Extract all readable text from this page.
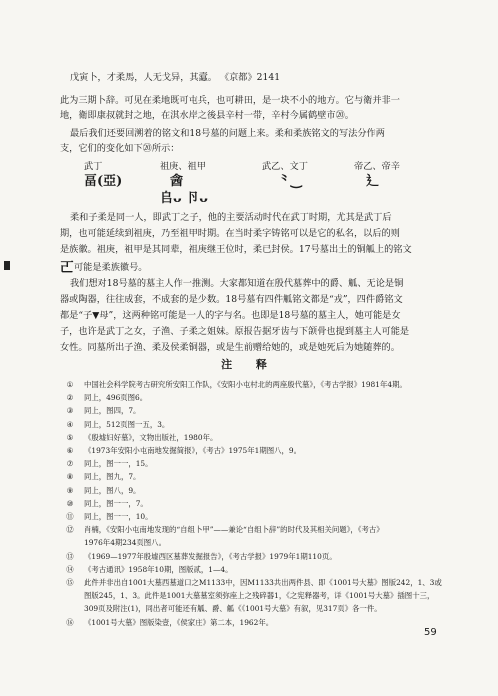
戊寅卜，才柔馬，人无戈异，其蠧。 《京都》2141
此为三期卜辞。可见在柔地既可屯兵，也可耕田，是一块不小的地方。它与衛并非一
地，衛即康叔就封之地，在淇水岸之後县辛村一带，辛村今属鹤壁市⑳。
最后我们还要回溯着的铭文和18号墓的问题上来。柔和柔族铭文的写法分作两
支，它们的变化如下⑳所示：
武丁
畐(亞)
祖庚、祖甲
酓
𠂤ᴗ 卪ᴗ
武乙、文丁
⺀‿
帝乙、帝辛
⻎
柔和子柔是同一人，即武丁之子，他的主要活动时代在武丁时期，尤其是武丁后
期，也可能延续到祖庚，乃至祖甲时期。在当时柔字铸铭可以是它的私名，以后的则
是族徽。祖庚，祖甲是其同辈，祖庚继王位时，柔已封侯。17号墓出土的铜觚上的铭文
𠀀可能是柔族徽号。
我们想对18号墓的墓主人作一推测。大家都知道在殷代墓葬中的爵、觚、无论是铜
器或陶器，往往成套，不成套的是少数。18号墓有四件觚铭文都是“戎”，四件爵铭文
都是“子▼母”，这两种铭可能是一人的字与名。也即是18号墓的墓主人，她可能是女
子，也许是武丁之女，子渔、子柔之姐妹。原报告据牙齿与下颌骨也提到墓主人可能是
女性。同墓所出子渔、柔及侯柔铜器，或是生前赠给她的，或是她死后为她随葬的。
注 释
① 中国社会科学院考古研究所安阳工作队，《安阳小屯村北的两座殷代墓》，《考古学报》1981年4期。
② 同上，496页图6。
③ 同上，图四，7。
④ 同上，512页图一五，3。
⑤ 《殷墟妇好墓》，文物出版社，1980年。
⑥ 《1973年安阳小屯南地发掘简报》，《考古》1975年1期图八，9。
⑦ 同上，图一一，15。
⑧ 同上，图九，7。
⑨ 同上，图八，9。
⑩ 同上，图一一，7。
⑪ 同上，图一一，10。
⑫ 肖楠，《安阳小屯南地发现的“自组卜甲”——兼论“自组卜辞”的时代及其相关问题》，《考古》
1976年4期234页图八。
⑬ 《1969—1977年殷墟西区墓葬发掘报告》，《考古学报》1979年1期110页。
⑭ 《考古通讯》1958年10期，图版贰，1—4。
⑮ 此件并非出自1001大墓西墓道口之M1133中，因M1133共出两件县、即《1001号大墓》图版242，1、3或
图版245，1、3。此件是1001大墓墓室须弥座上之残碎器1，《之宪释器考，详《1001号大墓》插图十三，
309页及附注(1)，同出者可能还有觚、爵、觚《《1001号大墓》有叙，见317页》各一件。
⑯ 《1001号大墓》图版染壹，《侯家庄》第二本，1962年。
59
